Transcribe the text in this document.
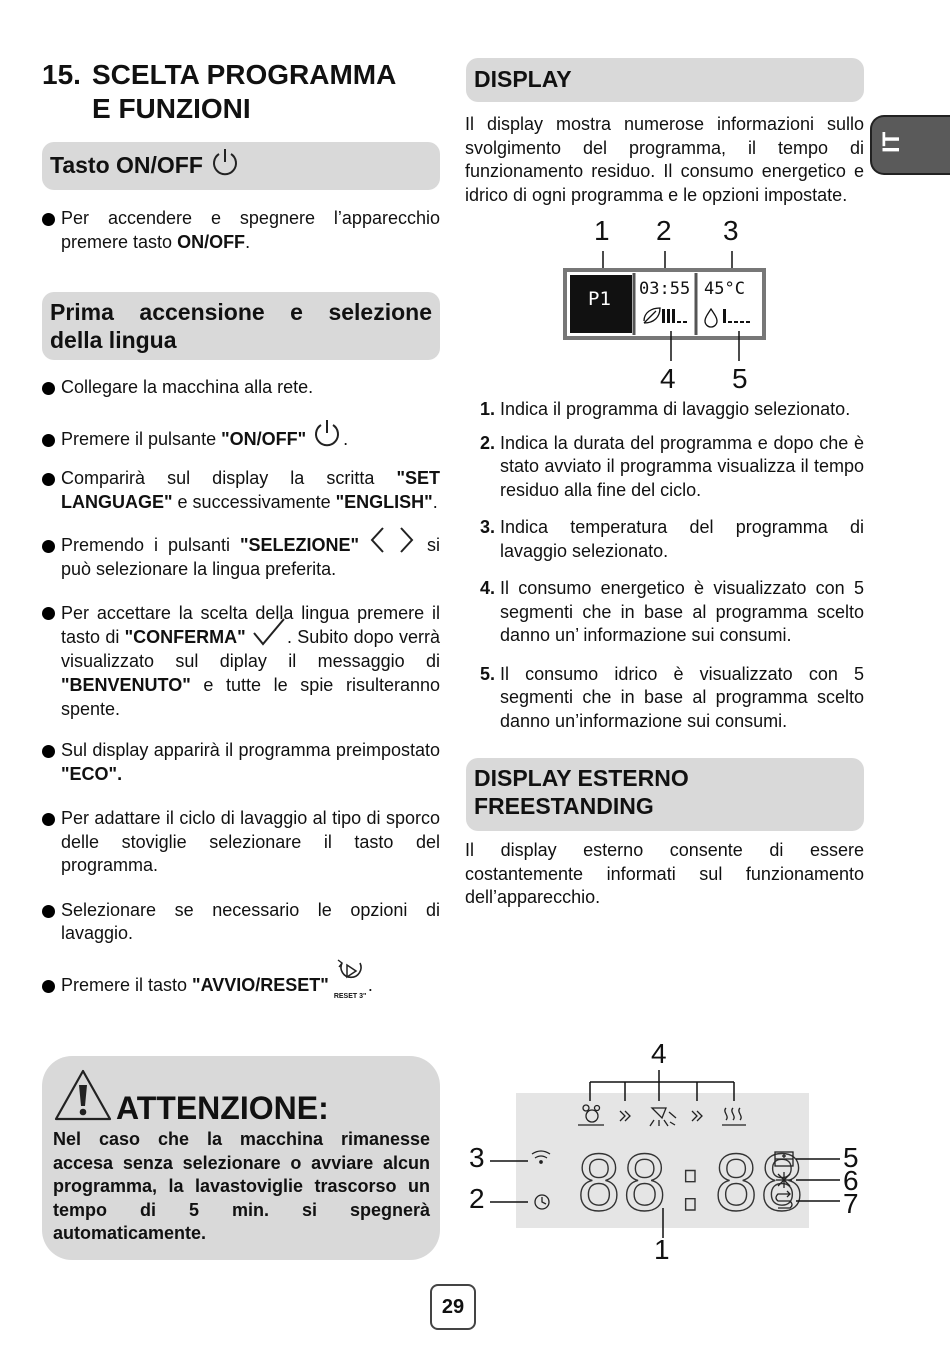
15. SCELTA PROGRAMMA
E FUNZIONI
Tasto ON/OFF

Per accendere e spegnere l’apparecchio premere tasto ON/OFF.

Prima accensione e selezione della lingua

Collegare la macchina alla rete.

Premere il pulsante "ON/OFF" .

Comparirà sul display la scritta "SET LANGUAGE" e successivamente "ENGLISH".

Premendo i pulsanti "SELEZIONE"	si può selezionare la lingua preferita.

Per accettare la scelta della lingua premere il tasto di "CONFERMA" . Subito dopo verrà visualizzato sul diplay il messaggio di "BENVENUTO" e tutte le spie risulteranno spente.

Sul display apparirà il programma preimpostato "ECO".

Per adattare il ciclo di lavaggio al tipo di sporco delle stoviglie selezionare il tasto del programma.

Selezionare se necessario le opzioni di lavaggio.

Premere il tasto "AVVIO/RESET"
RESET 3"
.

ATTENZIONE:
Nel caso che la macchina rimanesse accesa senza selezionare o avviare alcun programma, la lavastoviglie trascorso un tempo di 5 min. si spegnerà automaticamente.
DISPLAY

Il display mostra numerose informazioni sullo svolgimento del programma, il tempo di funzionamento residuo. Il consumo energetico e idrico di ogni programma e le opzioni impostate.

1 2 3
P1 03:55 45°C
4 5
1. Indica il programma di lavaggio selezionato.
2. Indica la durata del programma e dopo che è stato avviato il programma visualizza il tempo residuo alla fine del ciclo.
3. Indica temperatura del programma di lavaggio selezionato.
4. Il consumo energetico è visualizzato con 5 segmenti che in base al programma scelto danno un’ informazione sui consumi.
5. Il consumo idrico è visualizzato con 5 segmenti che in base al programma scelto danno un’informazione sui consumi.
DISPLAY ESTERNO
FREESTANDING

Il display esterno consente di essere costantemente informati sul funzionamento dell’apparecchio.

4
3
2
5
6
7
1
88:88
IT
29
